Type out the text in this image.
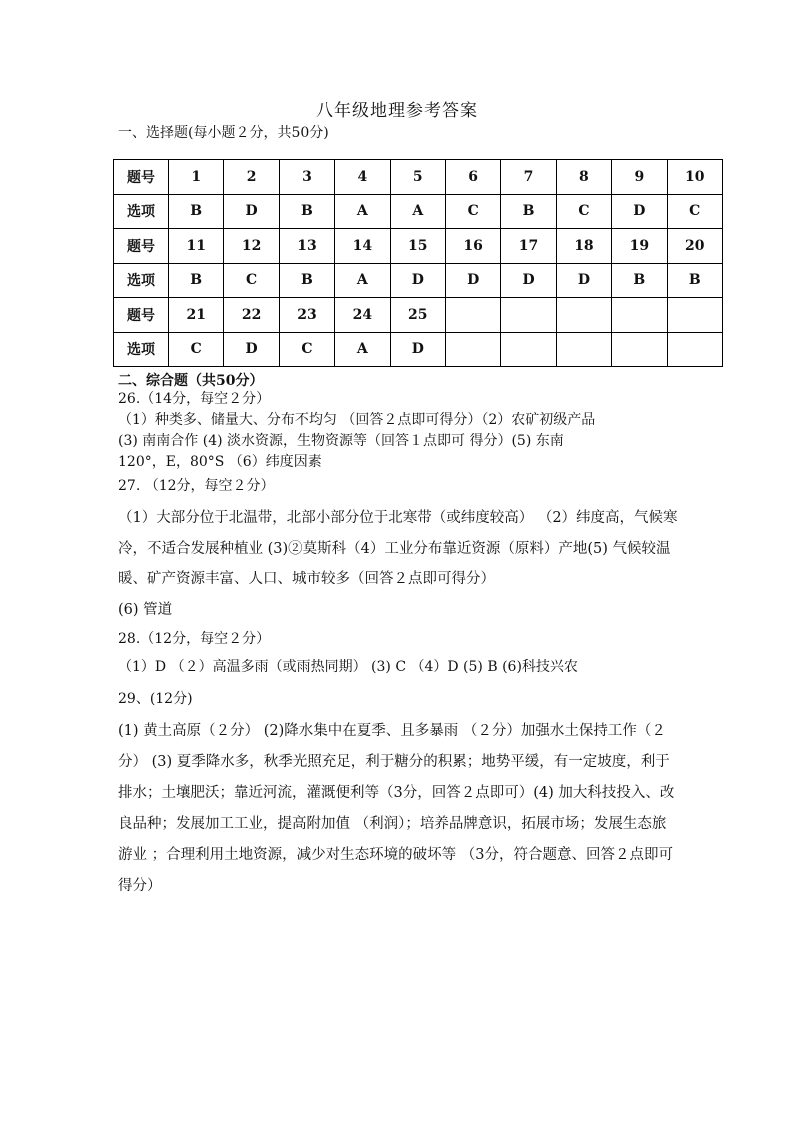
八年级地理参考答案
一、选择题(每小题２分，共50分)
题号	1	2	3	4	5	6	7	8	9	10
选项	B	D	B	A	A	C	B	C	D	C
题号	11	12	13	14	15	16	17	18	19	20
选项	B	C	B	A	D	D	D	D	B	B
题号	21	22	23	24	25					
选项	C	D	C	A	D					
二、综合题（共50分）
26.（14分，每空２分）
（1）种类多、储量大、分布不均匀 （回答２点即可得分）（2）农矿初级产品
(3) 南南合作 (4) 淡水资源，生物资源等（回答１点即可 得分）(5) 东南
120°，E，80°S （6）纬度因素
27. （12分，每空２分）
（1）大部分位于北温带，北部小部分位于北寒带（或纬度较高） （2）纬度高，气候寒冷，不适合发展种植业 (3)②莫斯科（4）工业分布靠近资源（原料）产地(5) 气候较温暖、矿产资源丰富、人口、城市较多（回答２点即可得分）
(6) 管道
28.（12分，每空２分）
（1）D （２）高温多雨（或雨热同期） (3) C （4）D (5) B (6)科技兴农
29、(12分)
(1) 黄土高原（２分） (2)降水集中在夏季、且多暴雨 （２分）加强水土保持工作（２分） (3) 夏季降水多，秋季光照充足，利于糖分的积累；地势平缓，有一定坡度，利于排水；土壤肥沃；靠近河流，灌溉便利等（3分，回答２点即可）(4) 加大科技投入、改良品种；发展加工工业，提高附加值 （利润）；培养品牌意识，拓展市场；发展生态旅游业 ；合理利用土地资源，减少对生态环境的破坏等 （3分，符合题意、回答２点即可得分）
